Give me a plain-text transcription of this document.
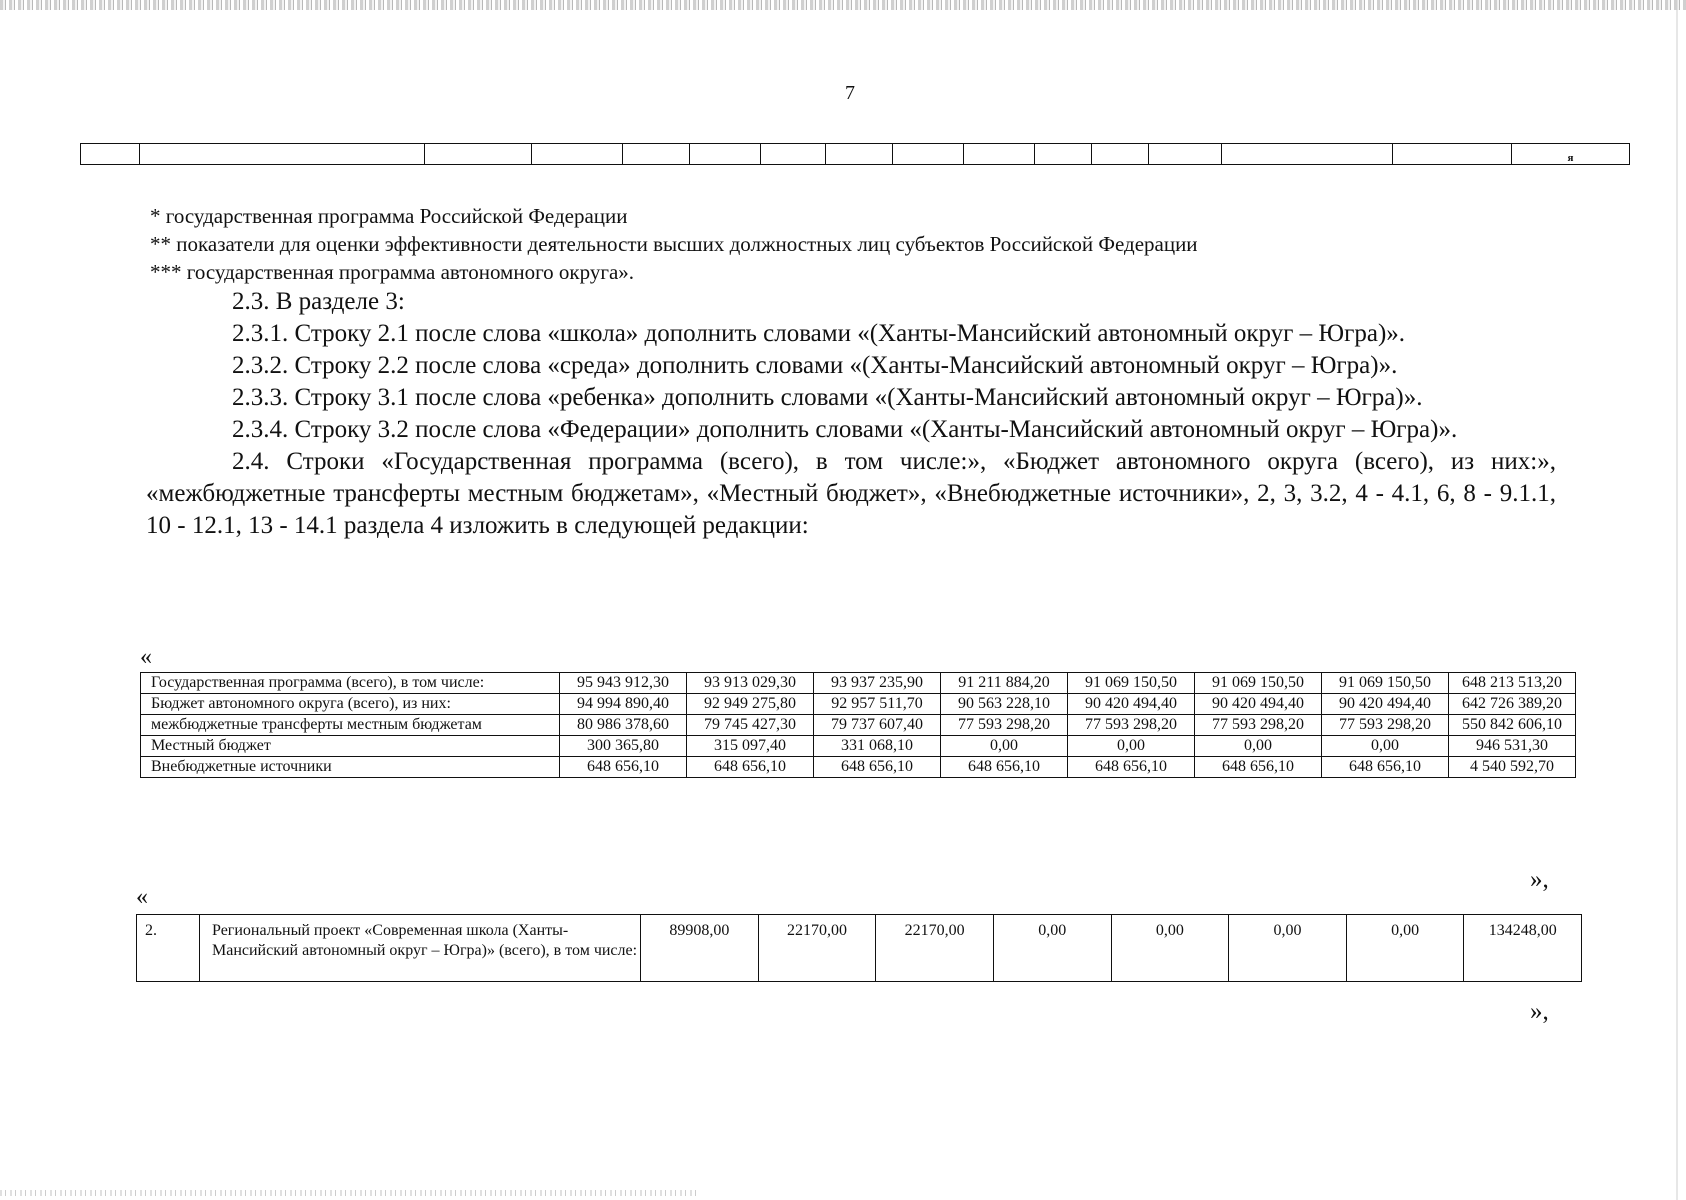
7
															я
* государственная программа Российской Федерации
** показатели для оценки эффективности деятельности высших должностных лиц субъектов Российской Федерации
*** государственная программа автономного округа».

2.3. В разделе 3:

2.3.1. Строку 2.1 после слова «школа» дополнить словами «(Ханты-Мансийский автономный округ – Югра)».

2.3.2. Строку 2.2 после слова «среда» дополнить словами «(Ханты-Мансийский автономный округ – Югра)».

2.3.3. Строку 3.1 после слова «ребенка» дополнить словами «(Ханты-Мансийский автономный округ – Югра)».

2.3.4. Строку 3.2 после слова «Федерации» дополнить словами «(Ханты-Мансийский автономный округ – Югра)».

2.4. Строки «Государственная программа (всего), в том числе:», «Бюджет автономного округа (всего), из них:», «межбюджетные трансферты местным бюджетам», «Местный бюджет», «Внебюджетные источники», 2, 3, 3.2, 4 - 4.1, 6, 8 - 9.1.1, 10 - 12.1, 13 - 14.1 раздела 4 изложить в следующей редакции:

«
Государственная программа (всего), в том числе:	95 943 912,30	93 913 029,30	93 937 235,90	91 211 884,20	91 069 150,50	91 069 150,50	91 069 150,50	648 213 513,20
Бюджет автономного округа (всего), из них:	94 994 890,40	92 949 275,80	92 957 511,70	90 563 228,10	90 420 494,40	90 420 494,40	90 420 494,40	642 726 389,20
межбюджетные трансферты местным бюджетам	80 986 378,60	79 745 427,30	79 737 607,40	77 593 298,20	77 593 298,20	77 593 298,20	77 593 298,20	550 842 606,10
Местный бюджет	300 365,80	315 097,40	331 068,10	0,00	0,00	0,00	0,00	946 531,30
Внебюджетные источники	648 656,10	648 656,10	648 656,10	648 656,10	648 656,10	648 656,10	648 656,10	4 540 592,70
«
»,
2.	Региональный проект «Современная школа (Ханты-Мансийский автономный округ – Югра)» (всего), в том числе:	89908,00	22170,00	22170,00	0,00	0,00	0,00	0,00	134248,00
»,
